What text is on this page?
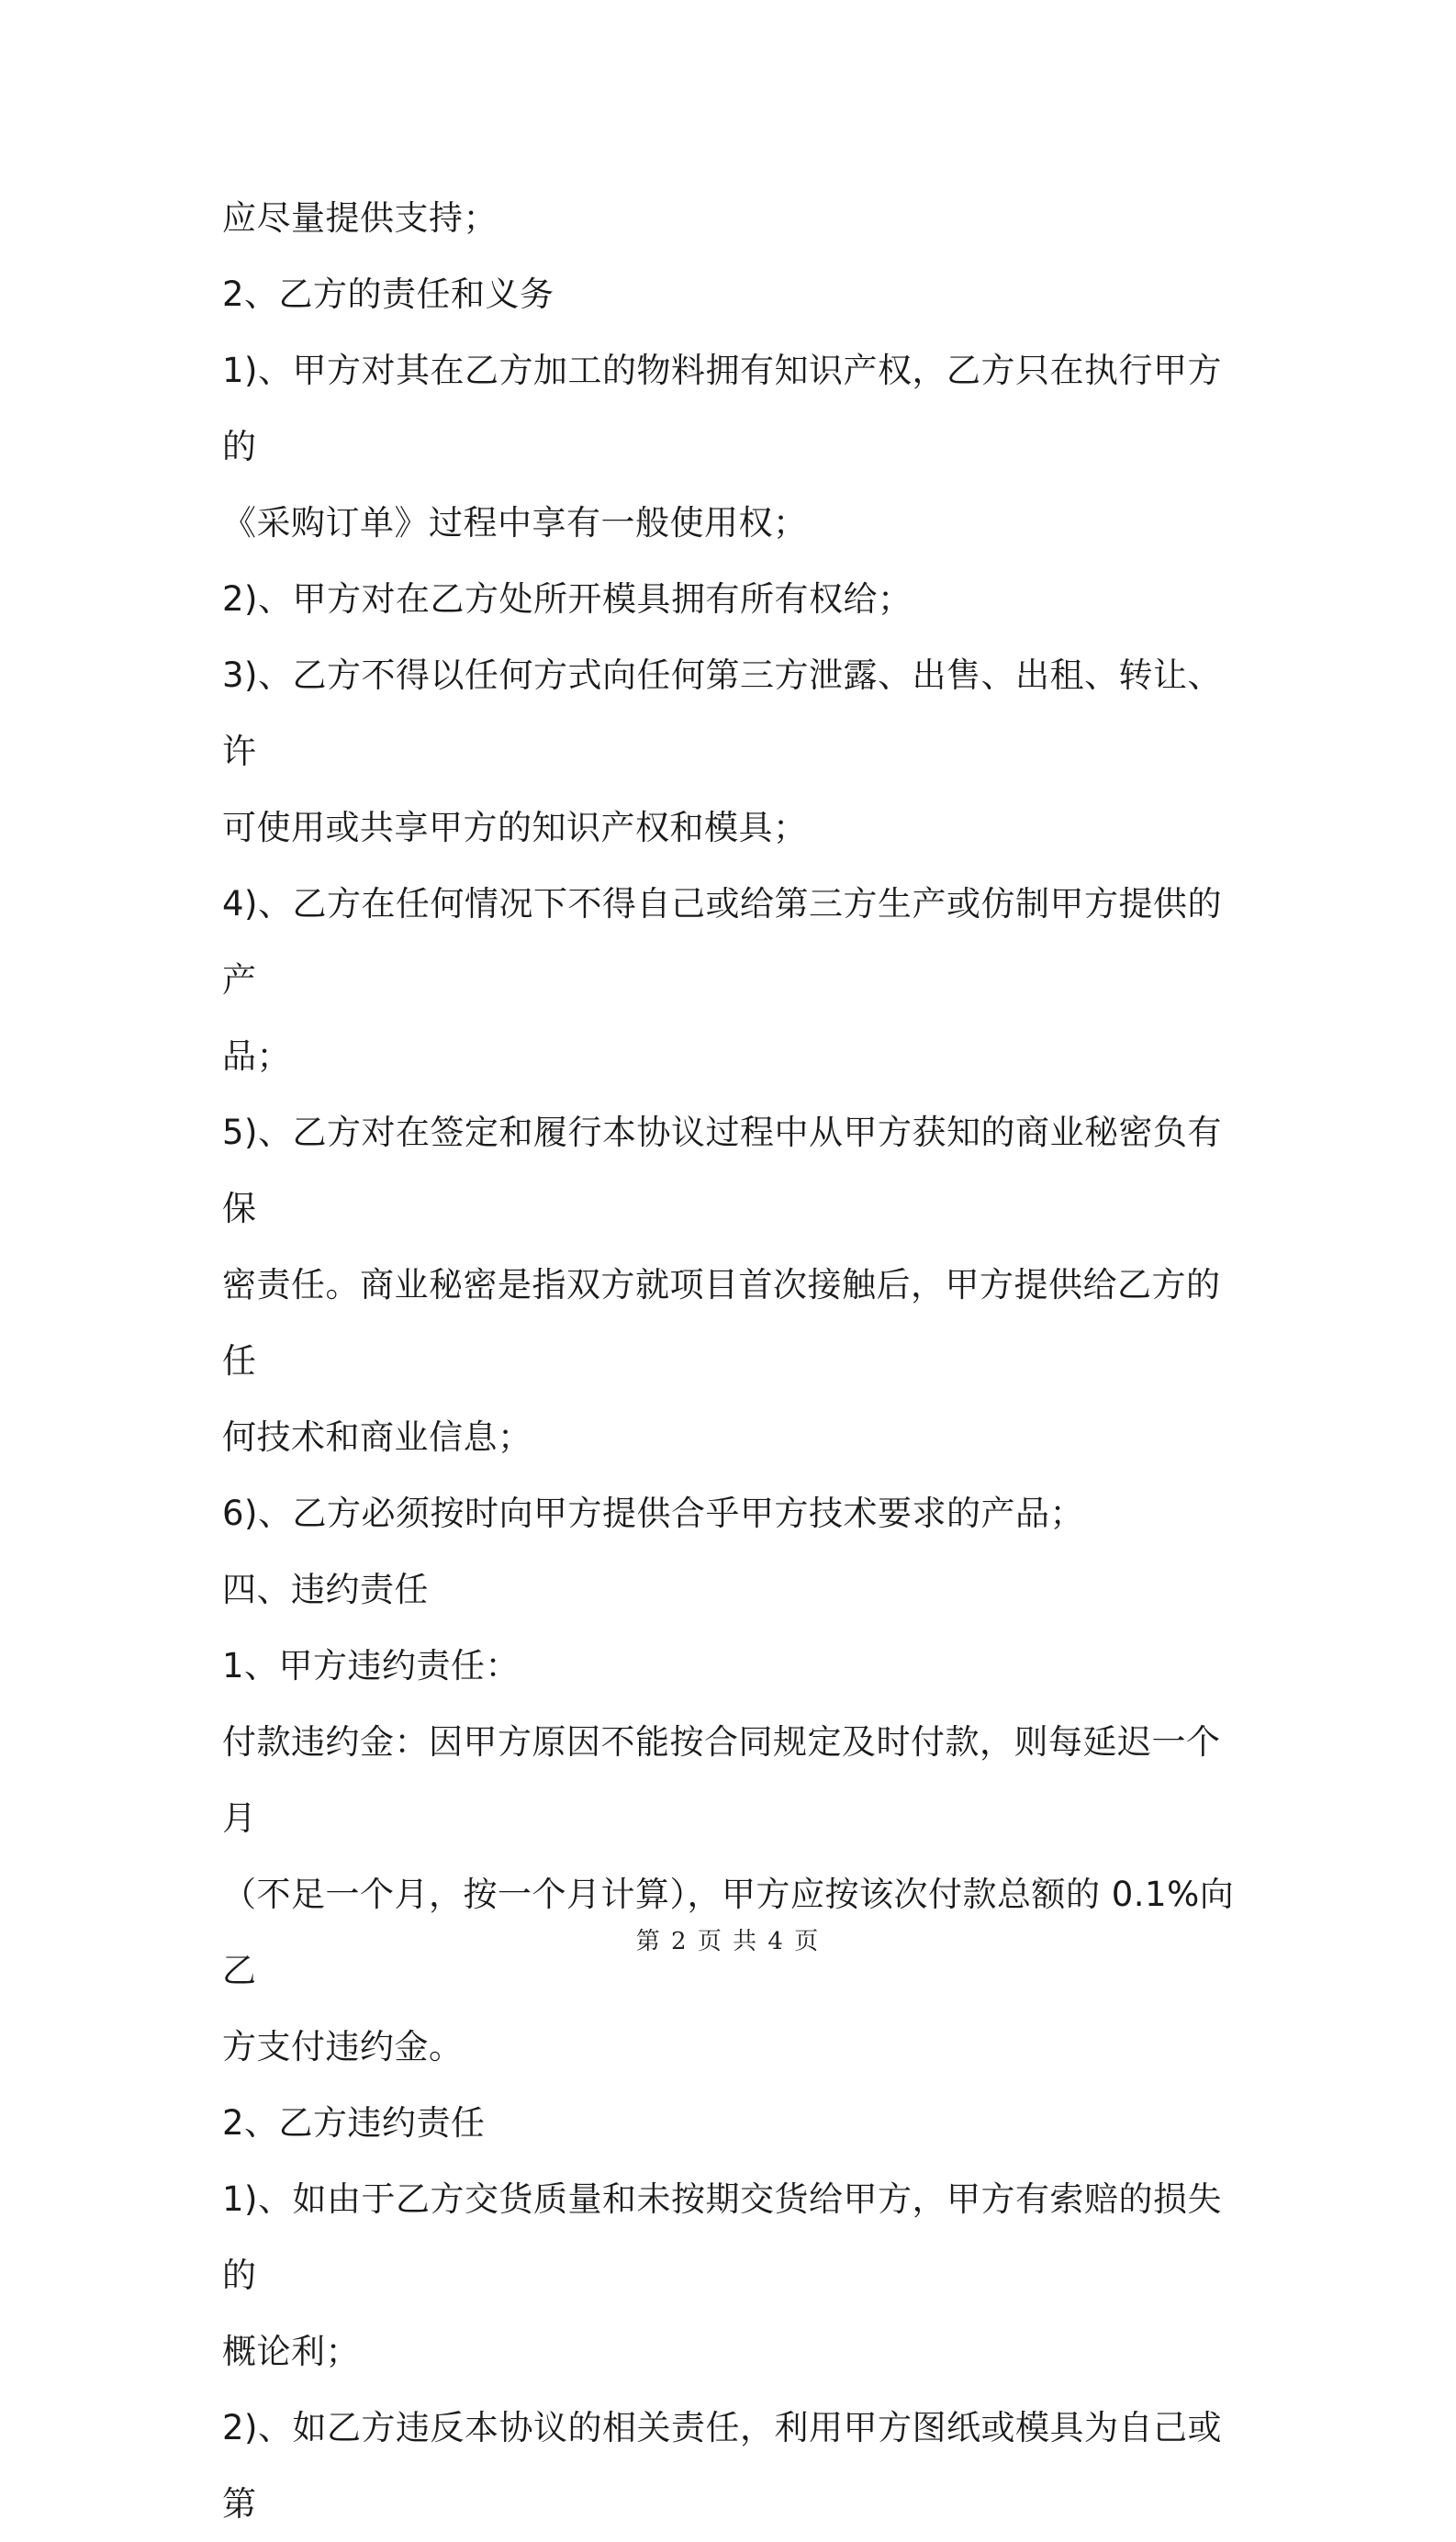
应尽量提供支持；

2、乙方的责任和义务

1)、甲方对其在乙方加工的物料拥有知识产权，乙方只在执行甲方的

《采购订单》过程中享有一般使用权；

2)、甲方对在乙方处所开模具拥有所有权给；

3)、乙方不得以任何方式向任何第三方泄露、出售、出租、转让、许

可使用或共享甲方的知识产权和模具；

4)、乙方在任何情况下不得自己或给第三方生产或仿制甲方提供的产

品；

5)、乙方对在签定和履行本协议过程中从甲方获知的商业秘密负有保

密责任。商业秘密是指双方就项目首次接触后，甲方提供给乙方的任

何技术和商业信息；

6)、乙方必须按时向甲方提供合乎甲方技术要求的产品；

四、违约责任

1、甲方违约责任：

付款违约金：因甲方原因不能按合同规定及时付款，则每延迟一个月

（不足一个月，按一个月计算），甲方应按该次付款总额的 0.1%向乙

方支付违约金。

2、乙方违约责任

1)、如由于乙方交货质量和未按期交货给甲方，甲方有索赔的损失的

概论利；

2)、如乙方违反本协议的相关责任，利用甲方图纸或模具为自己或第

第 2 页 共 4 页
